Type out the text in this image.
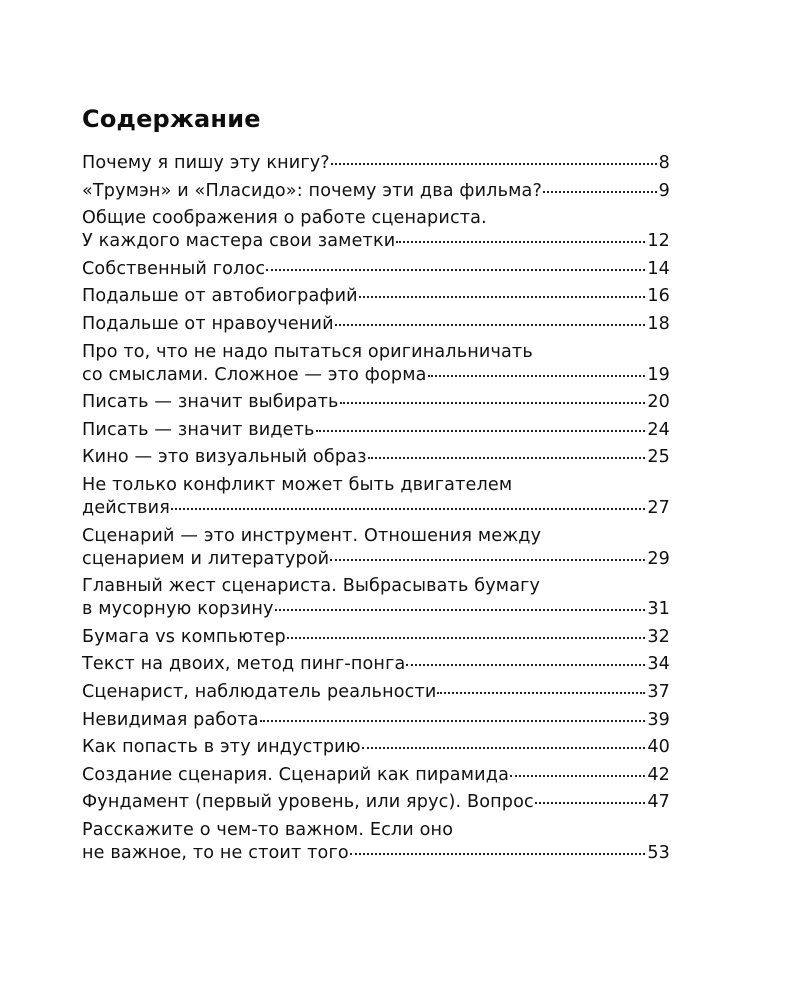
Содержание
Почему я пишу эту книгу?	8
«Трумэн» и «Пласидо»: почему эти два фильма?	9
Общие соображения о работе сценариста.
У каждого мастера свои заметки	12
Собственный голос	14
Подальше от автобиографий	16
Подальше от нравоучений	18
Про то, что не надо пытаться оригинальничать
со смыслами. Сложное — это форма	19
Писать — значит выбирать	20
Писать — значит видеть	24
Кино — это визуальный образ	25
Не только конфликт может быть двигателем
действия	27
Сценарий — это инструмент. Отношения между
сценарием и литературой	29
Главный жест сценариста. Выбрасывать бумагу
в мусорную корзину	31
Бумага vs компьютер	32
Текст на двоих, метод пинг-понга	34
Сценарист, наблюдатель реальности	37
Невидимая работа	39
Как попасть в эту индустрию	40
Создание сценария. Сценарий как пирамида	42
Фундамент (первый уровень, или ярус). Вопрос	47
Расскажите о чем-то важном. Если оно
не важное, то не стоит того	53
